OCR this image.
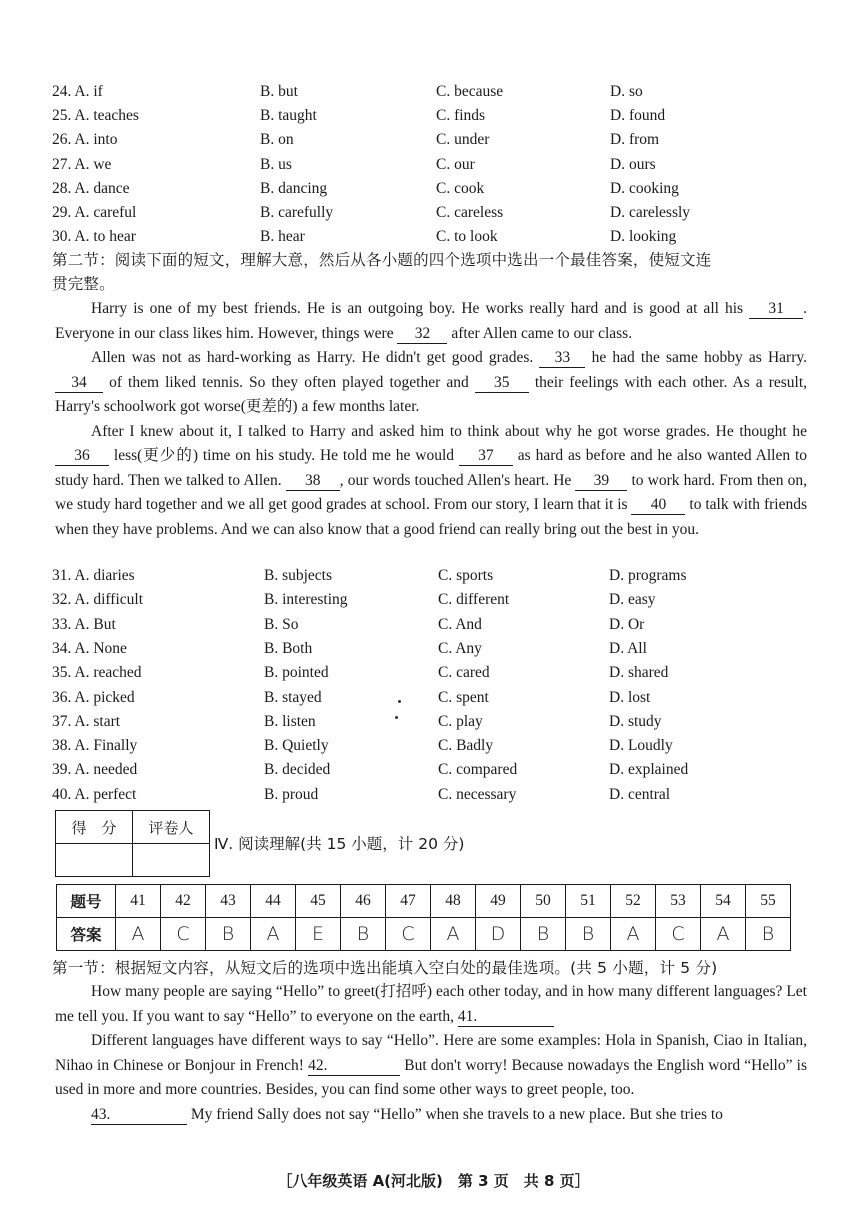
24. A. if	B. but	C. because	D. so
25. A. teaches	B. taught	C. finds	D. found
26. A. into	B. on	C. under	D. from
27. A. we	B. us	C. our	D. ours
28. A. dance	B. dancing	C. cook	D. cooking
29. A. careful	B. carefully	C. careless	D. carelessly
30. A. to hear	B. hear	C. to look	D. looking
第二节：阅读下面的短文，理解大意，然后从各小题的四个选项中选出一个最佳答案，使短文连
贯完整。

Harry is one of my best friends. He is an outgoing boy. He works really hard and is good at all his 31 . Everyone in our class likes him. However, things were 32 after Allen came to our class.

Allen was not as hard-working as Harry. He didn't get good grades. 33 he had the same hobby as Harry. 34 of them liked tennis. So they often played together and 35 their feelings with each other. As a result, Harry's schoolwork got worse(更差的) a few months later.

After I knew about it, I talked to Harry and asked him to think about why he got worse grades. He thought he 36 less(更少的) time on his study. He told me he would 37 as hard as before and he also wanted Allen to study hard. Then we talked to Allen. 38 , our words touched Allen's heart. He 39 to work hard. From then on, we study hard together and we all get good grades at school. From our story, I learn that it is 40 to talk with friends when they have problems. And we can also know that a good friend can really bring out the best in you.

31. A. diaries	B. subjects	C. sports	D. programs
32. A. difficult	B. interesting	C. different	D. easy
33. A. But	B. So	C. And	D. Or
34. A. None	B. Both	C. Any	D. All
35. A. reached	B. pointed	C. cared	D. shared
36. A. picked	B. stayed	C. spent	D. lost
37. A. start	B. listen	C. play	D. study
38. A. Finally	B. Quietly	C. Badly	D. Loudly
39. A. needed	B. decided	C. compared	D. explained
40. A. perfect	B. proud	C. necessary	D. central
得　分	评卷人

Ⅳ. 阅读理解(共 15 小题，计 20 分)
题号	41	42	43	44	45	46	47	48	49	50	51	52	53	54	55
答案	A	C	B	A	E	B	C	A	D	B	B	A	C	A	B
第一节：根据短文内容，从短文后的选项中选出能填入空白处的最佳选项。(共 5 小题，计 5 分)

How many people are saying “Hello” to greet(打招呼) each other today, and in how many different languages? Let me tell you. If you want to say “Hello” to everyone on the earth, 41.

Different languages have different ways to say “Hello”. Here are some examples: Hola in Spanish, Ciao in Italian, Nihao in Chinese or Bonjour in French! 42.	But don't worry! Because nowadays the English word “Hello” is used in more and more countries. Besides, you can find some other ways to greet people, too.

43.	My friend Sally does not say “Hello” when she travels to a new place. But she tries to

［八年级英语 A(河北版)　第 3 页　共 8 页］
